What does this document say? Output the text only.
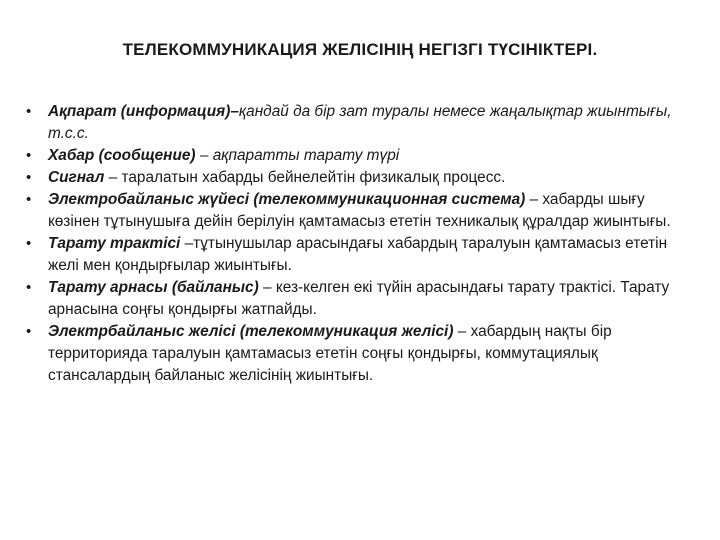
ТЕЛЕКОММУНИКАЦИЯ ЖЕЛІСІНІҢ НЕГІЗГІ ТҮСІНІКТЕРІ.
•	Ақпарат (информация)–қандай да бір зат туралы немесе жаңалықтар жиынтығы, т.с.с.
•	Хабар (сообщение) – ақпаратты тарату түрі
•	Сигнал – таралатын хабарды бейнелейтін физикалық процесс.
•	Электробайланыс жүйесі (телекоммуникационная система) – хабарды шығу көзінен тұтынушыға дейін берілуін қамтамасыз ететін техникалық құралдар жиынтығы.
•	Тарату трактісі –тұтынушылар арасындағы хабардың таралуын қамтамасыз ететін желі мен қондырғылар жиынтығы.
•	Тарату арнасы (байланыс) – кез-келген екі түйін арасындағы тарату трактісі. Тарату арнасына соңғы қондырғы жатпайды.
•	Электрбайланыс желісі (телекоммуникация желісі) – хабардың нақты бір территорияда таралуын қамтамасыз ететін соңғы қондырғы, коммутациялық стансалардың байланыс желісінің жиынтығы.
